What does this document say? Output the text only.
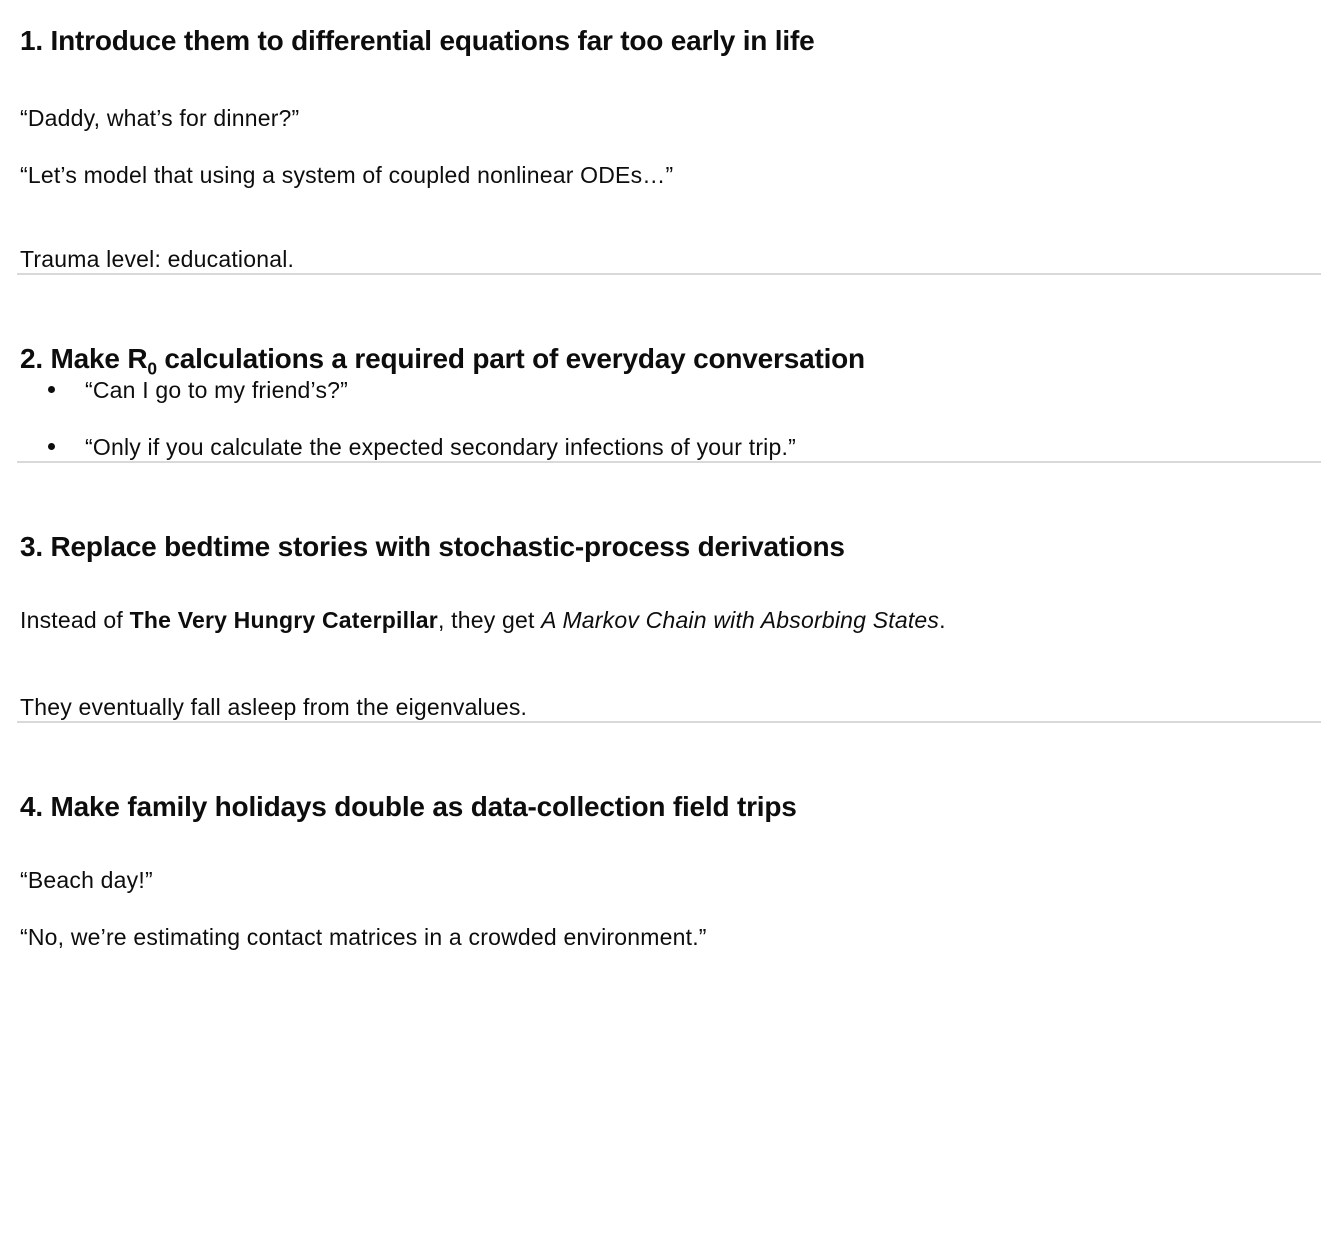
1. Introduce them to differential equations far too early in life

“Daddy, what’s for dinner?”

“Let’s model that using a system of coupled nonlinear ODEs…”

Trauma level: educational.

2. Make $R_0$ calculations a required part of everyday conversation
“Can I go to my friend’s?”
“Only if you calculate the expected secondary infections of your trip.”
3. Replace bedtime stories with stochastic-process derivations

Instead of The Very Hungry Caterpillar, they get A Markov Chain with Absorbing States.

They eventually fall asleep from the eigenvalues.

4. Make family holidays double as data-collection field trips

“Beach day!”

“No, we’re estimating contact matrices in a crowded environment.”
